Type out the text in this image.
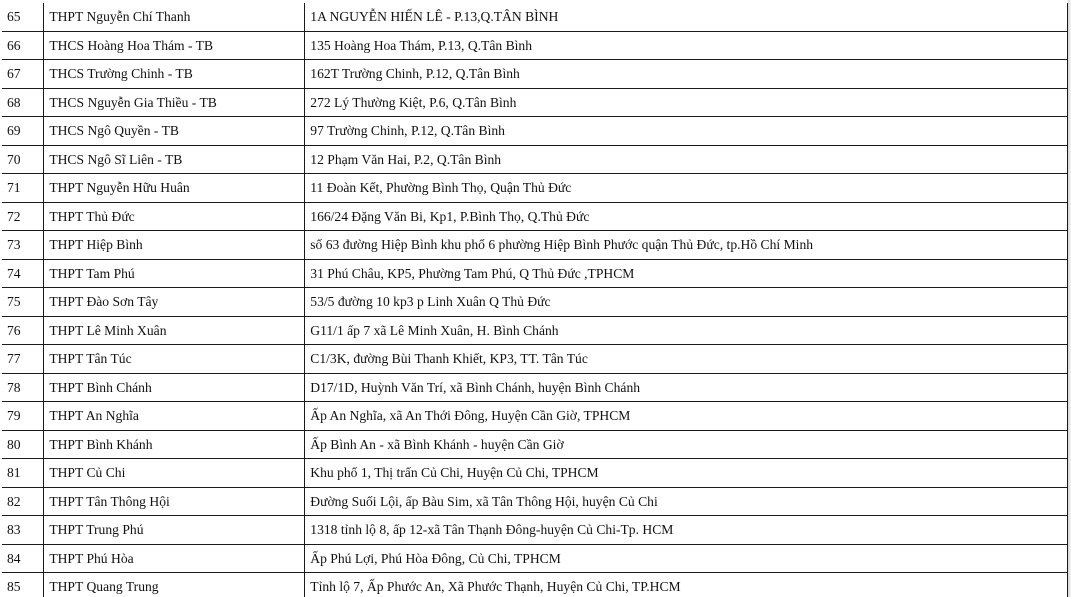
65	THPT Nguyễn Chí Thanh	1A NGUYỄN HIẾN LÊ - P.13,Q.TÂN BÌNH
66	THCS Hoàng Hoa Thám - TB	135 Hoàng Hoa Thám, P.13, Q.Tân Bình
67	THCS Trường Chinh - TB	162T Trường Chinh, P.12, Q.Tân Bình
68	THCS Nguyễn Gia Thiều - TB	272 Lý Thường Kiệt, P.6, Q.Tân Bình
69	THCS Ngô Quyền - TB	97 Trường Chinh, P.12, Q.Tân Bình
70	THCS Ngô Sĩ Liên - TB	12 Phạm Văn Hai, P.2, Q.Tân Bình
71	THPT Nguyễn Hữu Huân	11 Đoàn Kết, Phường Bình Thọ, Quận Thủ Đức
72	THPT Thủ Đức	166/24 Đặng Văn Bi, Kp1, P.Bình Thọ, Q.Thủ Đức
73	THPT Hiệp Bình	số 63 đường Hiệp Bình khu phố 6 phường Hiệp Bình Phước quận Thủ Đức, tp.Hồ Chí Minh
74	THPT Tam Phú	31 Phú Châu, KP5, Phường Tam Phú, Q Thủ Đức ,TPHCM
75	THPT Đào Sơn Tây	53/5 đường 10 kp3 p Linh Xuân Q Thủ Đức
76	THPT Lê Minh Xuân	G11/1 ấp 7 xã Lê Minh Xuân, H. Bình Chánh
77	THPT Tân Túc	C1/3K, đường Bùi Thanh Khiết, KP3, TT. Tân Túc
78	THPT Bình Chánh	D17/1D, Huỳnh Văn Trí, xã Bình Chánh, huyện Bình Chánh
79	THPT An Nghĩa	Ấp An Nghĩa, xã An Thới Đông, Huyện Cần Giờ, TPHCM
80	THPT Bình Khánh	Ấp Bình An - xã Bình Khánh - huyện Cần Giờ
81	THPT Củ Chi	Khu phố 1, Thị trấn Củ Chi, Huyện Củ Chi, TPHCM
82	THPT Tân Thông Hội	Đường Suối Lội, ấp Bàu Sim, xã Tân Thông Hội, huyện Củ Chi
83	THPT Trung Phú	1318 tỉnh lộ 8, ấp 12-xã Tân Thạnh Đông-huyện Củ Chi-Tp. HCM
84	THPT Phú Hòa	Ấp Phú Lợi, Phú Hòa Đông, Củ Chi, TPHCM
85	THPT Quang Trung	Tỉnh lộ 7, Ấp Phước An, Xã Phước Thạnh, Huyện Củ Chi, TP.HCM
